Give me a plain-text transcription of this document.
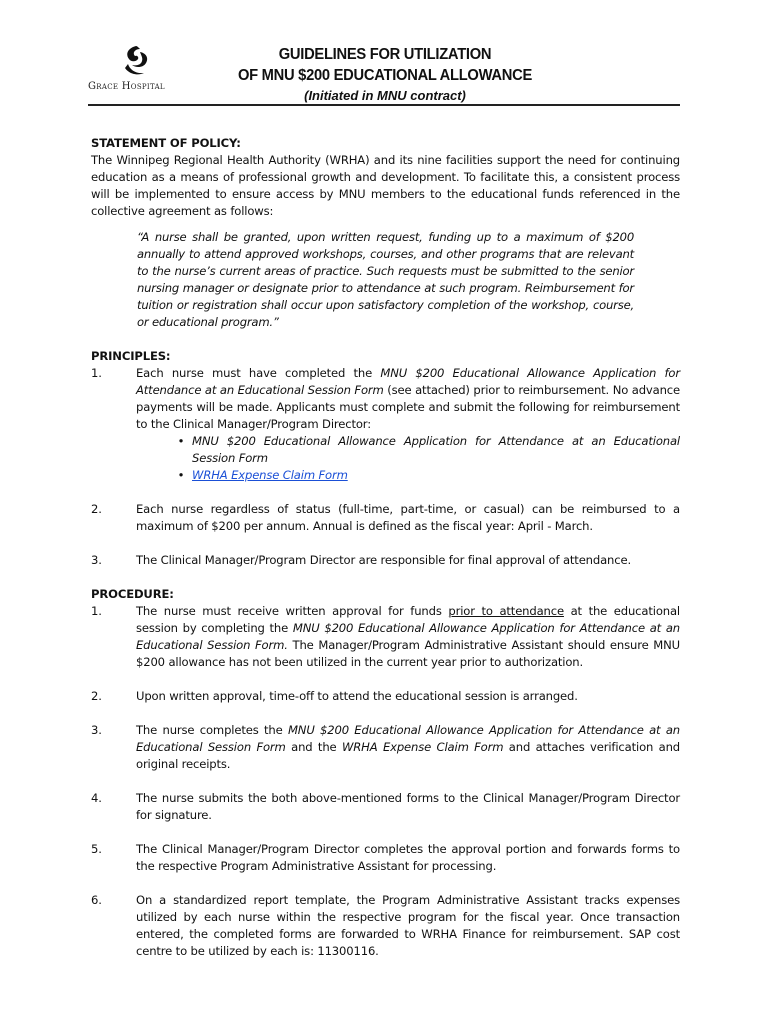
Grace Hospital
GUIDELINES FOR UTILIZATION
OF MNU $200 EDUCATIONAL ALLOWANCE
(Initiated in MNU contract)
STATEMENT OF POLICY:

The Winnipeg Regional Health Authority (WRHA) and its nine facilities support the need for continuing education as a means of professional growth and development. To facilitate this, a consistent process will be implemented to ensure access by MNU members to the educational funds referenced in the collective agreement as follows:

“A nurse shall be granted, upon written request, funding up to a maximum of $200 annually to attend approved workshops, courses, and other programs that are relevant to the nurse’s current areas of practice. Such requests must be submitted to the senior nursing manager or designate prior to attendance at such program. Reimbursement for tuition or registration shall occur upon satisfactory completion of the workshop, course, or educational program.”

PRINCIPLES:
1.	Each nurse must have completed the MNU $200 Educational Allowance Application for Attendance at an Educational Session Form (see attached) prior to reimbursement. No advance payments will be made. Applicants must complete and submit the following for reimbursement to the Clinical Manager/Program Director:
• MNU $200 Educational Allowance Application for Attendance at an Educational Session Form
• WRHA Expense Claim Form
2.	Each nurse regardless of status (full-time, part-time, or casual) can be reimbursed to a maximum of $200 per annum. Annual is defined as the fiscal year: April - March.
3.	The Clinical Manager/Program Director are responsible for final approval of attendance.
PROCEDURE:
1.	The nurse must receive written approval for funds prior to attendance at the educational session by completing the MNU $200 Educational Allowance Application for Attendance at an Educational Session Form. The Manager/Program Administrative Assistant should ensure MNU $200 allowance has not been utilized in the current year prior to authorization.
2.	Upon written approval, time-off to attend the educational session is arranged.
3.	The nurse completes the MNU $200 Educational Allowance Application for Attendance at an Educational Session Form and the WRHA Expense Claim Form and attaches verification and original receipts.
4.	The nurse submits the both above-mentioned forms to the Clinical Manager/Program Director for signature.
5.	The Clinical Manager/Program Director completes the approval portion and forwards forms to the respective Program Administrative Assistant for processing.
6.	On a standardized report template, the Program Administrative Assistant tracks expenses utilized by each nurse within the respective program for the fiscal year. Once transaction entered, the completed forms are forwarded to WRHA Finance for reimbursement. SAP cost centre to be utilized by each is: 11300116.
